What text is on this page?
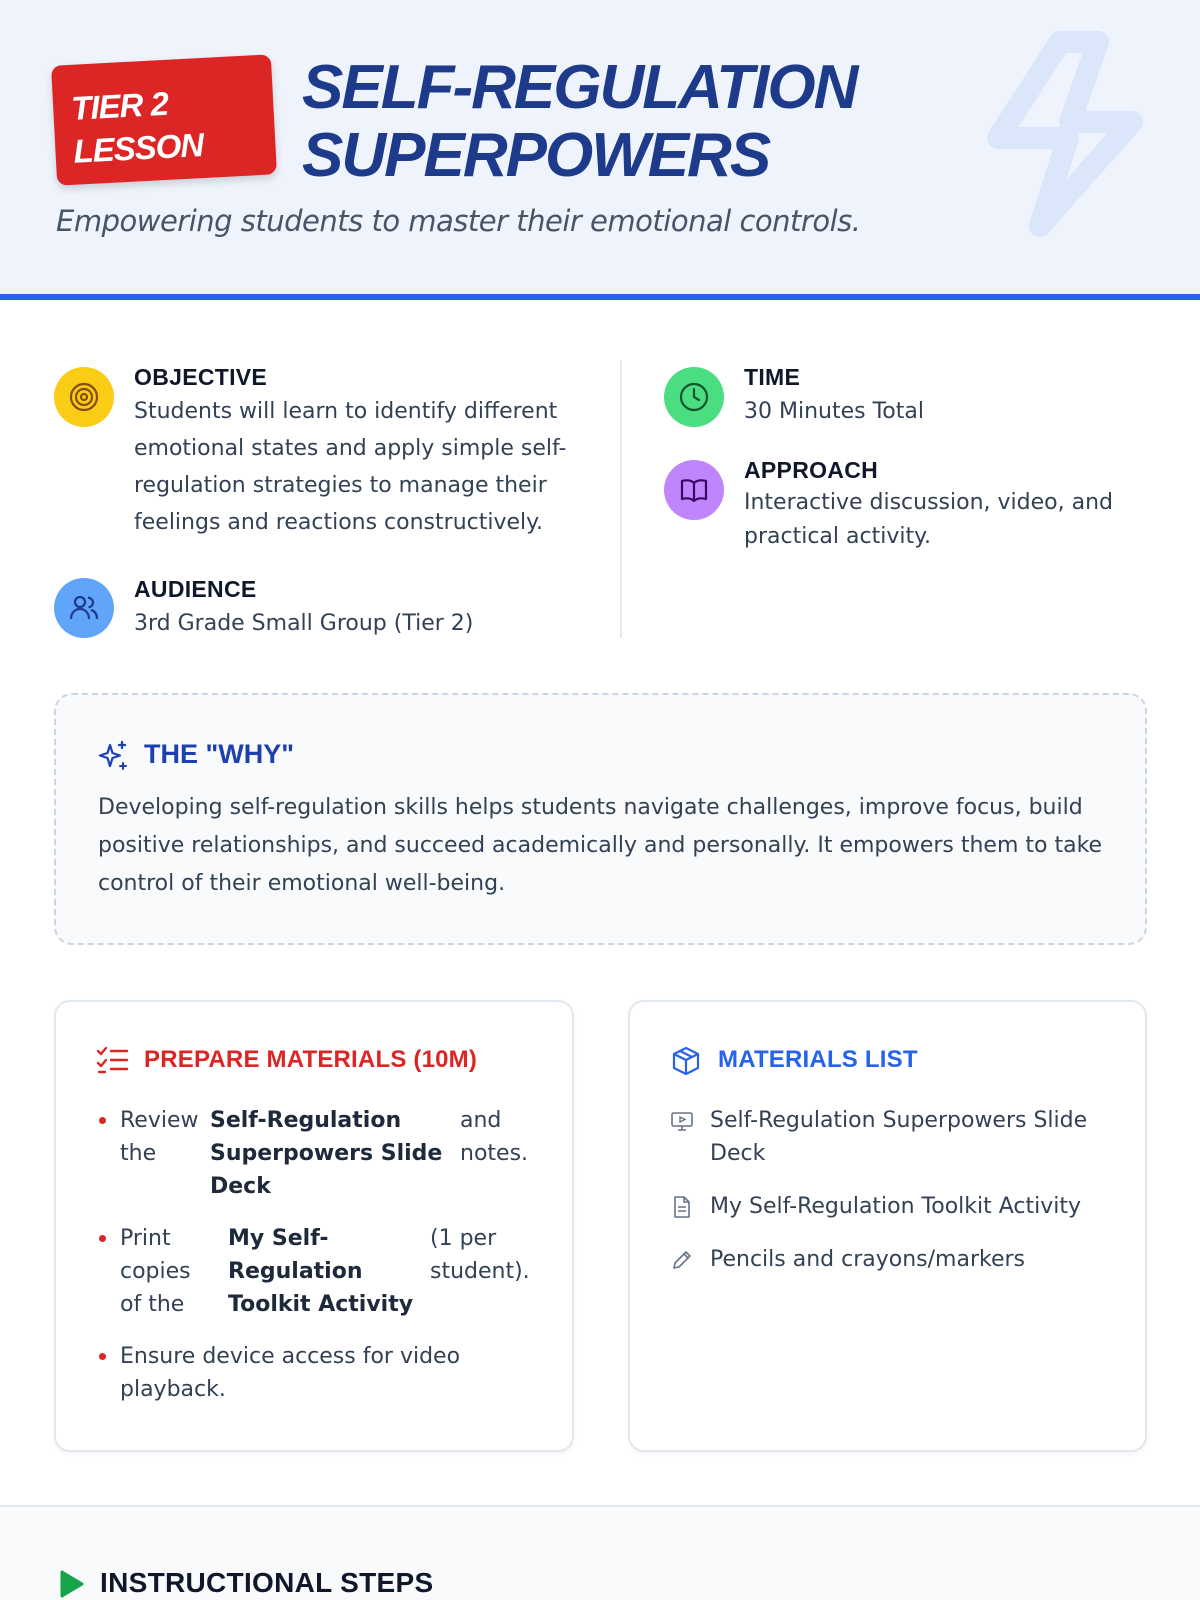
TIER 2
LESSON
SELF-REGULATION
SUPERPOWERS
Empowering students to master their emotional controls.
OBJECTIVE
Students will learn to identify different emotional states and apply simple self-regulation strategies to manage their feelings and reactions constructively.
AUDIENCE
3rd Grade Small Group (Tier 2)
TIME
30 Minutes Total
APPROACH
Interactive discussion, video, and practical activity.
THE "WHY"
Developing self-regulation skills helps students navigate challenges, improve focus, build positive relationships, and succeed academically and personally. It empowers them to take control of their emotional well-being.
PREPARE MATERIALS (10M)
Review the
Self-Regulation Superpowers Slide Deck
and notes.
Print copies of the
My Self-Regulation Toolkit Activity
(1 per student).
Ensure device access for video playback.
MATERIALS LIST
Self-Regulation Superpowers Slide Deck
My Self-Regulation Toolkit Activity
Pencils and crayons/markers
INSTRUCTIONAL STEPS
